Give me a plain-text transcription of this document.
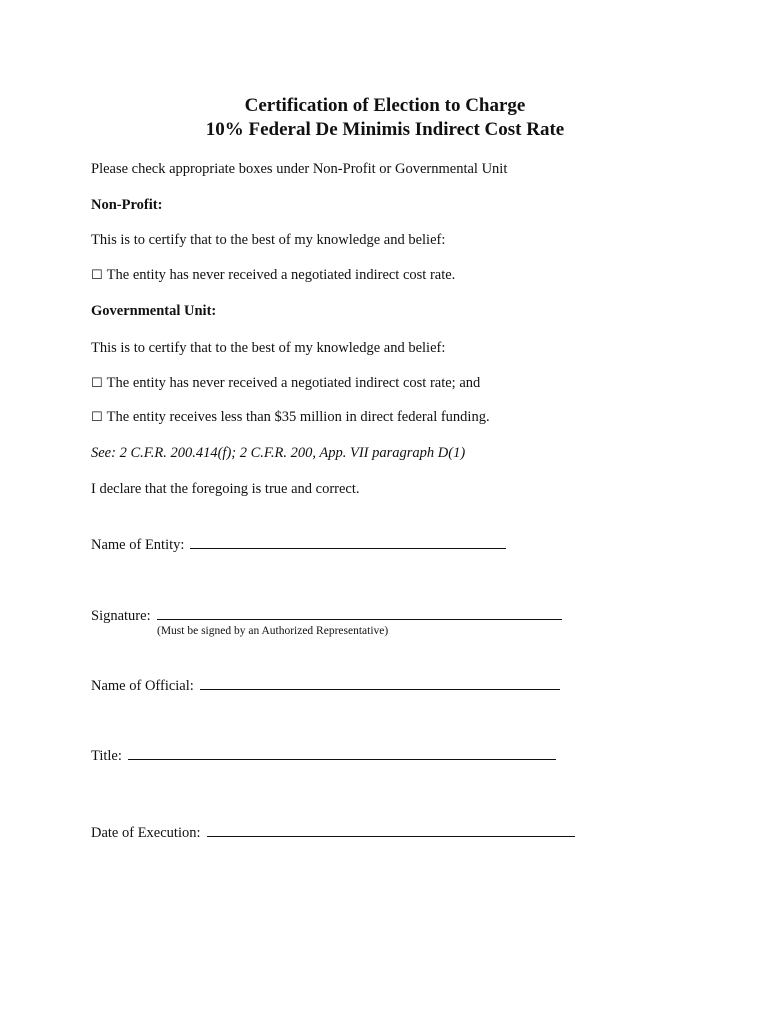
Certification of Election to Charge
10% Federal De Minimis Indirect Cost Rate
Please check appropriate boxes under Non-Profit or Governmental Unit
Non-Profit:
This is to certify that to the best of my knowledge and belief:
☐ The entity has never received a negotiated indirect cost rate.
Governmental Unit:
This is to certify that to the best of my knowledge and belief:
☐ The entity has never received a negotiated indirect cost rate; and
☐ The entity receives less than $35 million in direct federal funding.
See: 2 C.F.R. 200.414(f); 2 C.F.R. 200, App. VII paragraph D(1)
I declare that the foregoing is true and correct.
Name of Entity:
Signature:
(Must be signed by an Authorized Representative)
Name of Official:
Title:
Date of Execution:
